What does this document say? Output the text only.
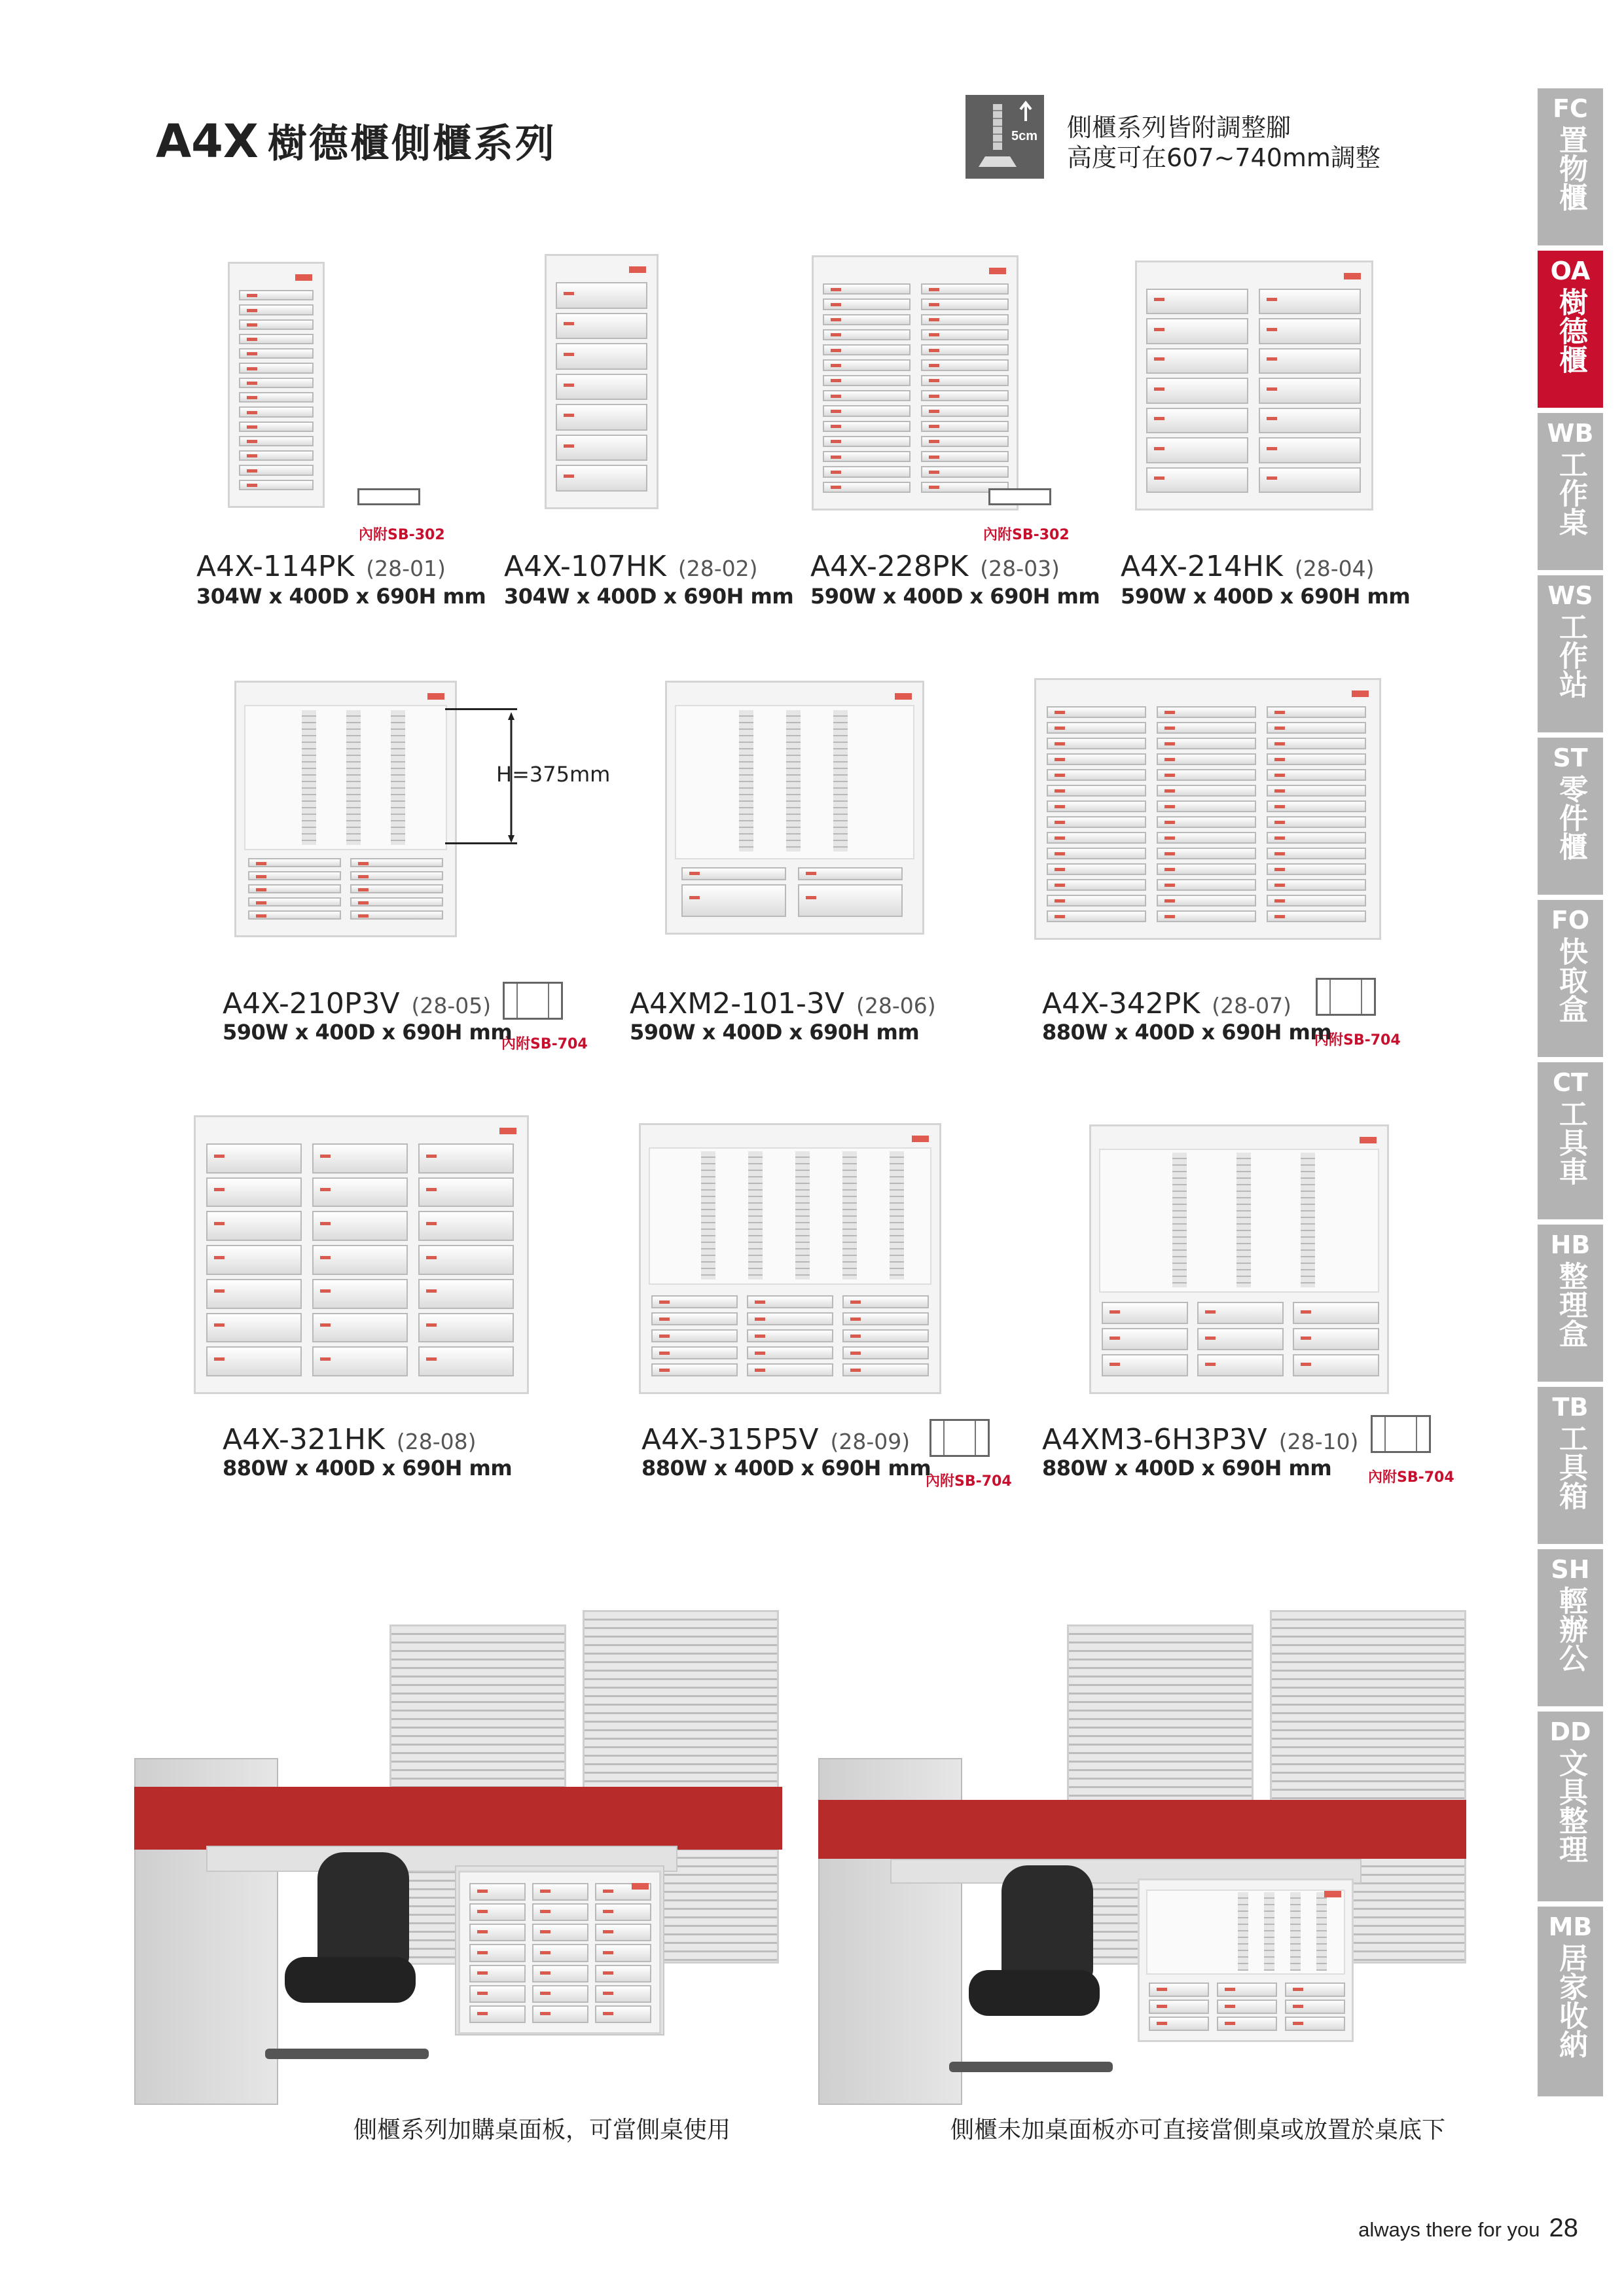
A4X 樹德櫃側櫃系列	5cm 側櫃系列皆附調整腳
高度可在607~740mm調整
FC
置物櫃
OA
樹德櫃
WB
工作桌
WS
工作站
ST
零件櫃
FO
快取盒
CT
工具車
HB
整理盒
TB
工具箱
SH
輕辦公
DD
文具整理
MB
居家收納
內附SB-302
A4X-114PK (28-01)
304W x 400D x 690H mm
A4X-107HK (28-02)
304W x 400D x 690H mm
內附SB-302
A4X-228PK (28-03)
590W x 400D x 690H mm
A4X-214HK (28-04)
590W x 400D x 690H mm
H=375mm
內附SB-704
A4X-210P3V (28-05)
590W x 400D x 690H mm
A4XM2-101-3V (28-06)
590W x 400D x 690H mm	內附SB-704
A4X-342PK (28-07)
880W x 400D x 690H mm
A4X-321HK (28-08)
880W x 400D x 690H mm
內附SB-704
A4X-315P5V (28-09)
880W x 400D x 690H mm	內附SB-704
A4XM3-6H3P3V (28-10)
880W x 400D x 690H mm
側櫃系列加購桌面板，可當側桌使用	側櫃未加桌面板亦可直接當側桌或放置於桌底下
always there for you 28
